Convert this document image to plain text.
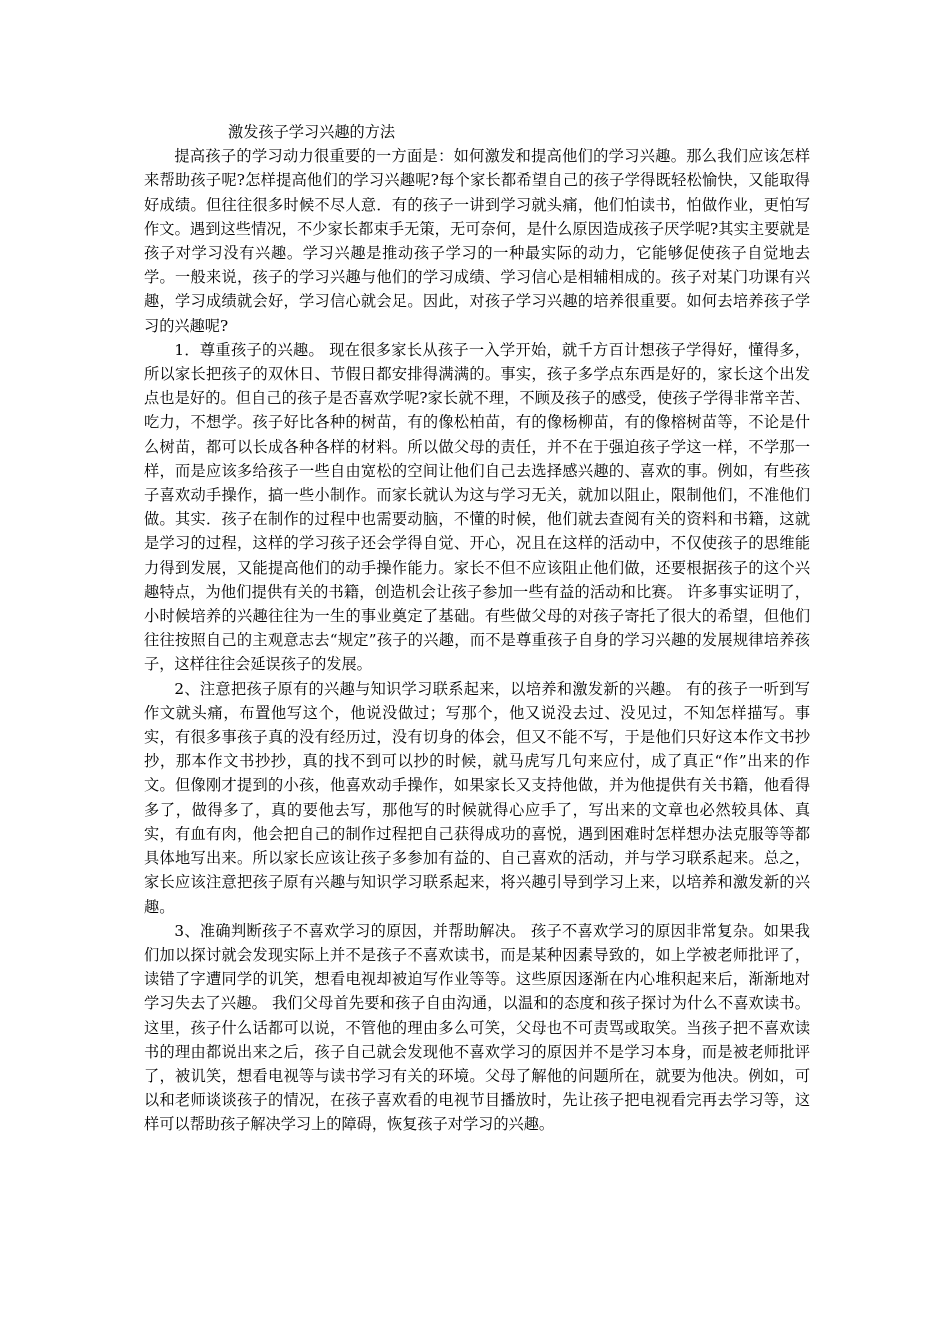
激发孩子学习兴趣的方法

提高孩子的学习动力很重要的一方面是：如何激发和提高他们的学习兴趣。那么我们应该怎样来帮助孩子呢?怎样提高他们的学习兴趣呢?每个家长都希望自己的孩子学得既轻松愉快，又能取得好成绩。但往往很多时候不尽人意．有的孩子一讲到学习就头痛，他们怕读书，怕做作业，更怕写作文。遇到这些情况，不少家长都束手无策，无可奈何，是什么原因造成孩子厌学呢?其实主要就是孩子对学习没有兴趣。学习兴趣是推动孩子学习的一种最实际的动力，它能够促使孩子自觉地去学。一般来说，孩子的学习兴趣与他们的学习成绩、学习信心是相辅相成的。孩子对某门功课有兴趣，学习成绩就会好，学习信心就会足。因此，对孩子学习兴趣的培养很重要。如何去培养孩子学习的兴趣呢?

1．尊重孩子的兴趣。 现在很多家长从孩子一入学开始，就千方百计想孩子学得好，懂得多，所以家长把孩子的双休日、节假日都安排得满满的。事实，孩子多学点东西是好的，家长这个出发点也是好的。但自己的孩子是否喜欢学呢?家长就不理，不顾及孩子的感受，使孩子学得非常辛苦、吃力，不想学。孩子好比各种的树苗，有的像松柏苗，有的像杨柳苗，有的像榕树苗等，不论是什么树苗，都可以长成各种各样的材料。所以做父母的责任，并不在于强迫孩子学这一样，不学那一样，而是应该多给孩子一些自由宽松的空间让他们自己去选择感兴趣的、喜欢的事。例如，有些孩子喜欢动手操作，搞一些小制作。而家长就认为这与学习无关，就加以阻止，限制他们，不准他们做。其实．孩子在制作的过程中也需要动脑，不懂的时候，他们就去查阅有关的资料和书籍，这就是学习的过程，这样的学习孩子还会学得自觉、开心，况且在这样的活动中，不仅使孩子的思维能力得到发展，又能提高他们的动手操作能力。家长不但不应该阻止他们做，还要根据孩子的这个兴趣特点，为他们提供有关的书籍，创造机会让孩子参加一些有益的活动和比赛。 许多事实证明了，小时候培养的兴趣往往为一生的事业奠定了基础。有些做父母的对孩子寄托了很大的希望，但他们往往按照自己的主观意志去“规定”孩子的兴趣，而不是尊重孩子自身的学习兴趣的发展规律培养孩子，这样往往会延误孩子的发展。

2、注意把孩子原有的兴趣与知识学习联系起来，以培养和激发新的兴趣。 有的孩子一听到写作文就头痛，布置他写这个，他说没做过；写那个，他又说没去过、没见过，不知怎样描写。事实，有很多事孩子真的没有经历过，没有切身的体会，但又不能不写，于是他们只好这本作文书抄抄，那本作文书抄抄，真的找不到可以抄的时候，就马虎写几句来应付，成了真正“作”出来的作文。但像刚才提到的小孩，他喜欢动手操作，如果家长又支持他做，并为他提供有关书籍，他看得多了，做得多了，真的要他去写，那他写的时候就得心应手了，写出来的文章也必然较具体、真实，有血有肉，他会把自己的制作过程把自己获得成功的喜悦，遇到困难时怎样想办法克服等等都具体地写出来。所以家长应该让孩子多参加有益的、自己喜欢的活动，并与学习联系起来。总之，家长应该注意把孩子原有兴趣与知识学习联系起来，将兴趣引导到学习上来，以培养和激发新的兴趣。

3、准确判断孩子不喜欢学习的原因，并帮助解决。 孩子不喜欢学习的原因非常复杂。如果我们加以探讨就会发现实际上并不是孩子不喜欢读书，而是某种因素导致的，如上学被老师批评了，读错了字遭同学的讥笑，想看电视却被迫写作业等等。这些原因逐渐在内心堆积起来后，渐渐地对学习失去了兴趣。 我们父母首先要和孩子自由沟通，以温和的态度和孩子探讨为什么不喜欢读书。这里，孩子什么话都可以说，不管他的理由多么可笑，父母也不可责骂或取笑。当孩子把不喜欢读书的理由都说出来之后，孩子自己就会发现他不喜欢学习的原因并不是学习本身，而是被老师批评了，被讥笑，想看电视等与读书学习有关的环境。父母了解他的问题所在，就要为他决。例如，可以和老师谈谈孩子的情况，在孩子喜欢看的电视节目播放时，先让孩子把电视看完再去学习等，这样可以帮助孩子解决学习上的障碍，恢复孩子对学习的兴趣。
